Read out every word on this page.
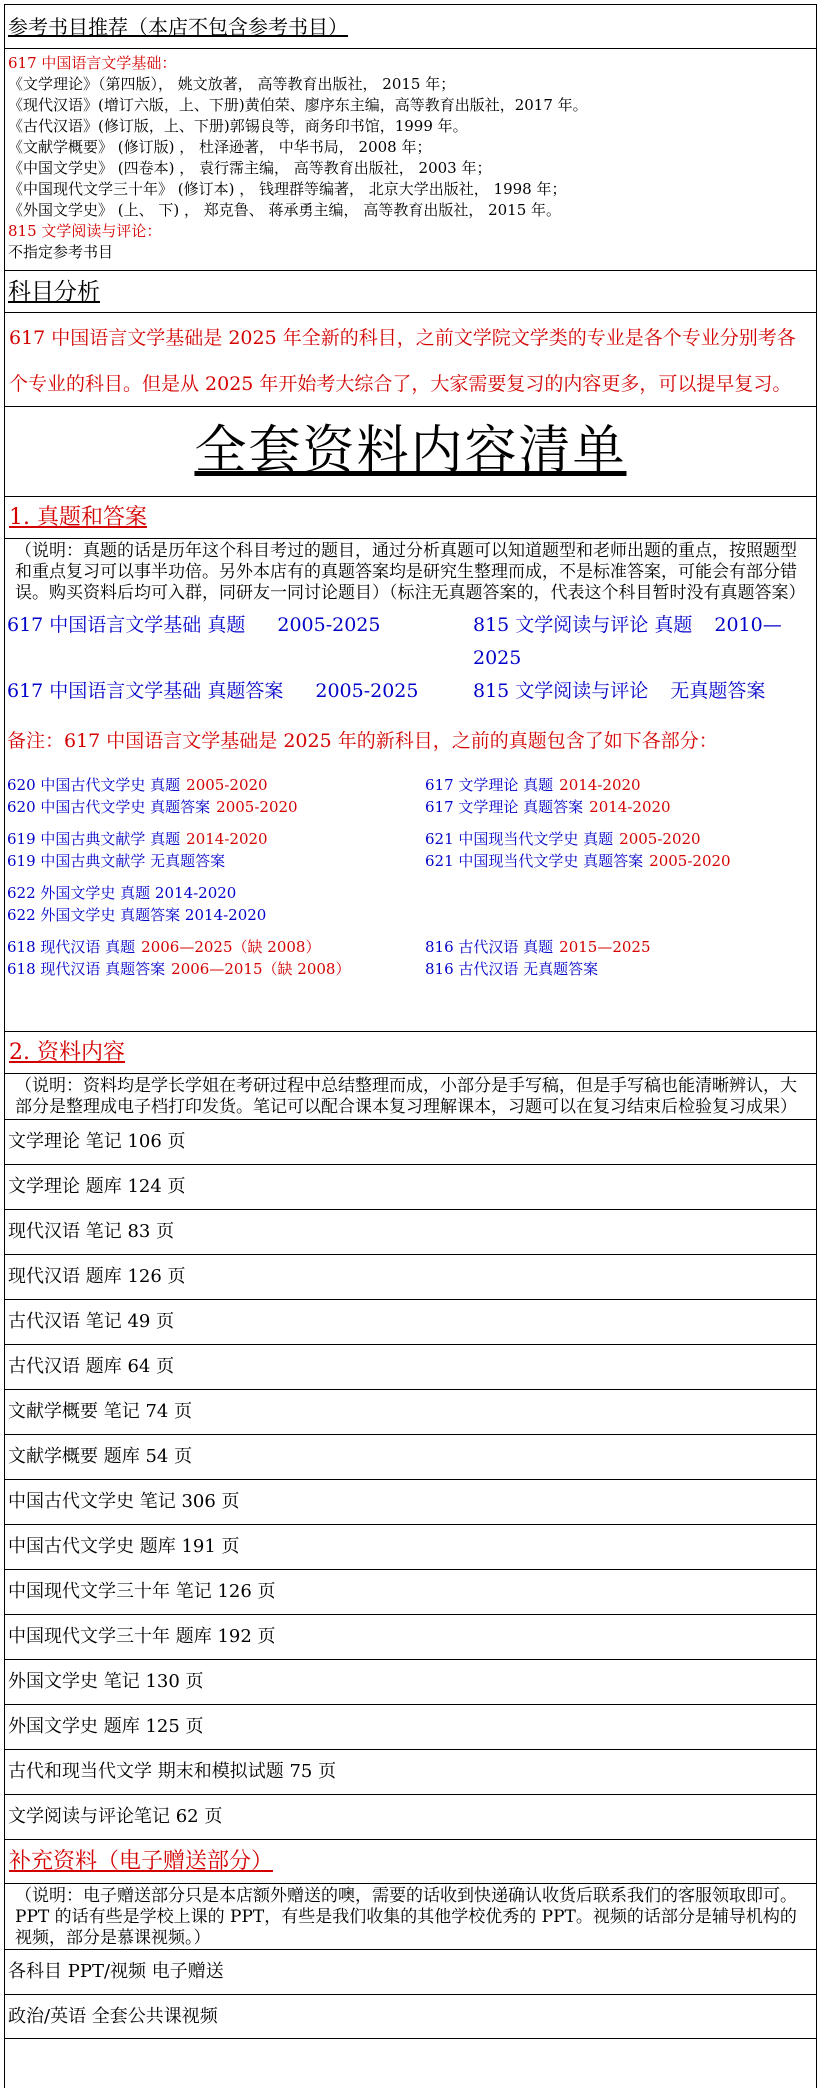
参考书目推荐（本店不包含参考书目）
617 中国语言文学基础：
《文学理论》（第四版）， 姚文放著， 高等教育出版社， 2015 年；
《现代汉语》(增订六版，上、下册)黄伯荣、廖序东主编，高等教育出版社，2017 年。
《古代汉语》(修订版，上、下册)郭锡良等，商务印书馆，1999 年。
《文献学概要》 (修订版) ， 杜泽逊著， 中华书局， 2008 年；
《中国文学史》 (四卷本) ， 袁行霈主编， 高等教育出版社， 2003 年；
《中国现代文学三十年》 (修订本) ， 钱理群等编著， 北京大学出版社， 1998 年；
《外国文学史》 (上、 下) ， 郑克鲁、 蒋承勇主编， 高等教育出版社， 2015 年。
815 文学阅读与评论：
不指定参考书目
科目分析
617 中国语言文学基础是 2025 年全新的科目，之前文学院文学类的专业是各个专业分别考各个专业的科目。但是从 2025 年开始考大综合了，大家需要复习的内容更多，可以提早复习。
全套资料内容清单
1. 真题和答案
（说明：真题的话是历年这个科目考过的题目，通过分析真题可以知道题型和老师出题的重点，按照题型和重点复习可以事半功倍。另外本店有的真题答案均是研究生整理而成，不是标准答案，可能会有部分错误。购买资料后均可入群，同研友一同讨论题目）（标注无真题答案的，代表这个科目暂时没有真题答案）
617 中国语言文学基础 真题 2005-2025	815 文学阅读与评论 真题 2010—2025
617 中国语言文学基础 真题答案 2005-2025	815 文学阅读与评论 无真题答案
备注：617 中国语言文学基础是 2025 年的新科目，之前的真题包含了如下各部分：
620 中国古代文学史 真题 2005-2020	617 文学理论 真题 2014-2020
620 中国古代文学史 真题答案 2005-2020	617 文学理论 真题答案 2014-2020
619 中国古典文献学 真题 2014-2020	621 中国现当代文学史 真题 2005-2020
619 中国古典文献学 无真题答案	621 中国现当代文学史 真题答案 2005-2020
622 外国文学史 真题 2014-2020
622 外国文学史 真题答案 2014-2020
618 现代汉语 真题 2006—2025（缺 2008）	816 古代汉语 真题 2015—2025
618 现代汉语 真题答案 2006—2015（缺 2008）	816 古代汉语 无真题答案
2. 资料内容
（说明：资料均是学长学姐在考研过程中总结整理而成，小部分是手写稿，但是手写稿也能清晰辨认，大部分是整理成电子档打印发货。笔记可以配合课本复习理解课本，习题可以在复习结束后检验复习成果）
文学理论 笔记 106 页
文学理论 题库 124 页
现代汉语 笔记 83 页
现代汉语 题库 126 页
古代汉语 笔记 49 页
古代汉语 题库 64 页
文献学概要 笔记 74 页
文献学概要 题库 54 页
中国古代文学史 笔记 306 页
中国古代文学史 题库 191 页
中国现代文学三十年 笔记 126 页
中国现代文学三十年 题库 192 页
外国文学史 笔记 130 页
外国文学史 题库 125 页
古代和现当代文学 期末和模拟试题 75 页
文学阅读与评论笔记 62 页
补充资料（电子赠送部分）
（说明：电子赠送部分只是本店额外赠送的噢，需要的话收到快递确认收货后联系我们的客服领取即可。PPT 的话有些是学校上课的 PPT，有些是我们收集的其他学校优秀的 PPT。视频的话部分是辅导机构的视频，部分是慕课视频。）
各科目 PPT/视频 电子赠送
政治/英语 全套公共课视频
